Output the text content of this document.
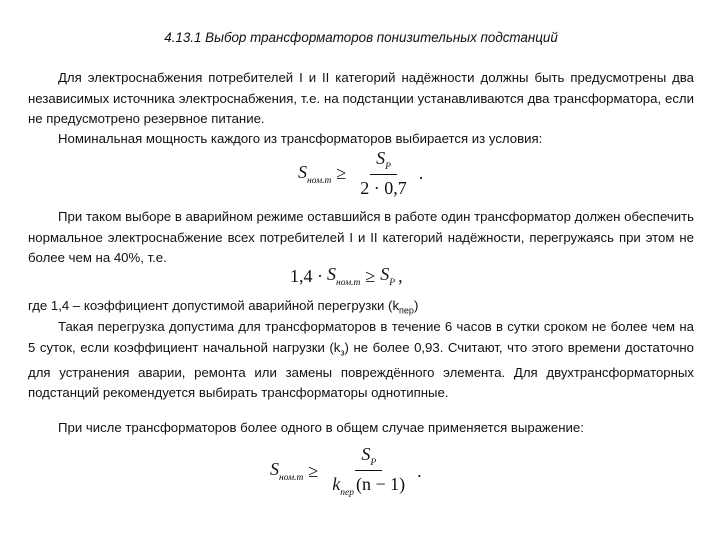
4.13.1 Выбор трансформаторов понизительных подстанций

Для электроснабжения потребителей I и II категорий надёжности должны быть предусмотрены два независимых источника электроснабжения, т.е. на подстанции устанавливаются два трансформатора, если не предусмотрено резервное питание.

Номинальная мощность каждого из трансформаторов выбирается из условия:

$S_{ном.т} \ge \frac{S_P}{2 \cdot 0,7}$ .

При таком выборе в аварийном режиме оставшийся в работе один трансформатор должен обеспечить нормальное электроснабжение всех потребителей I и II категорий надёжности, перегружаясь при этом не более чем на 40%, т.е.

$1,4 \cdot S_{ном.т} \ge S_P$ ,

где 1,4 – коэффициент допустимой аварийной перегрузки $(k_{пер})$

Такая перегрузка допустима для трансформаторов в течение 6 часов в сутки сроком не более чем на 5 суток, если коэффициент начальной нагрузки $(k_з)$ не более 0,93. Считают, что этого времени достаточно для устранения аварии, ремонта или замены повреждённого элемента. Для двухтрансформаторных подстанций рекомендуется выбирать трансформаторы однотипные.

При числе трансформаторов более одного в общем случае применяется выражение:

$S_{ном.т} \ge \frac{S_P}{k_{пер} (n - 1)}$ .
